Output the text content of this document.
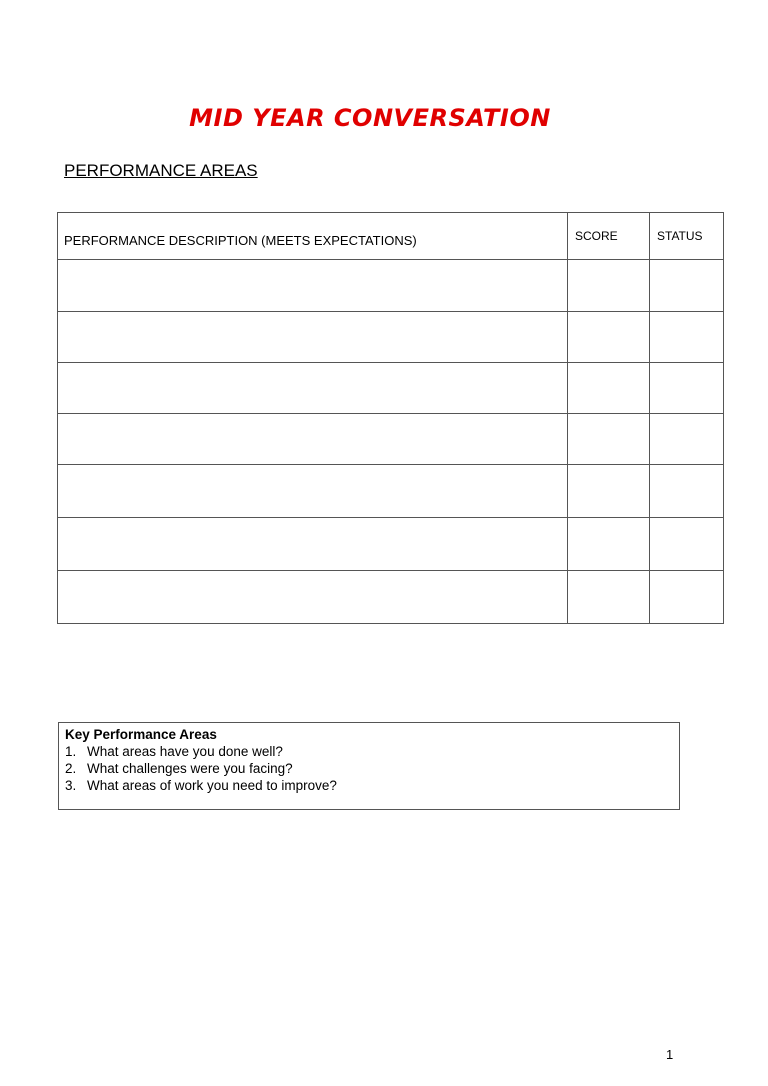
MID YEAR CONVERSATION
PERFORMANCE AREAS
PERFORMANCE DESCRIPTION (MEETS EXPECTATIONS)	SCORE	STATUS

Key Performance Areas
1. What areas have you done well?
2. What challenges were you facing?
3. What areas of work you need to improve?
1
